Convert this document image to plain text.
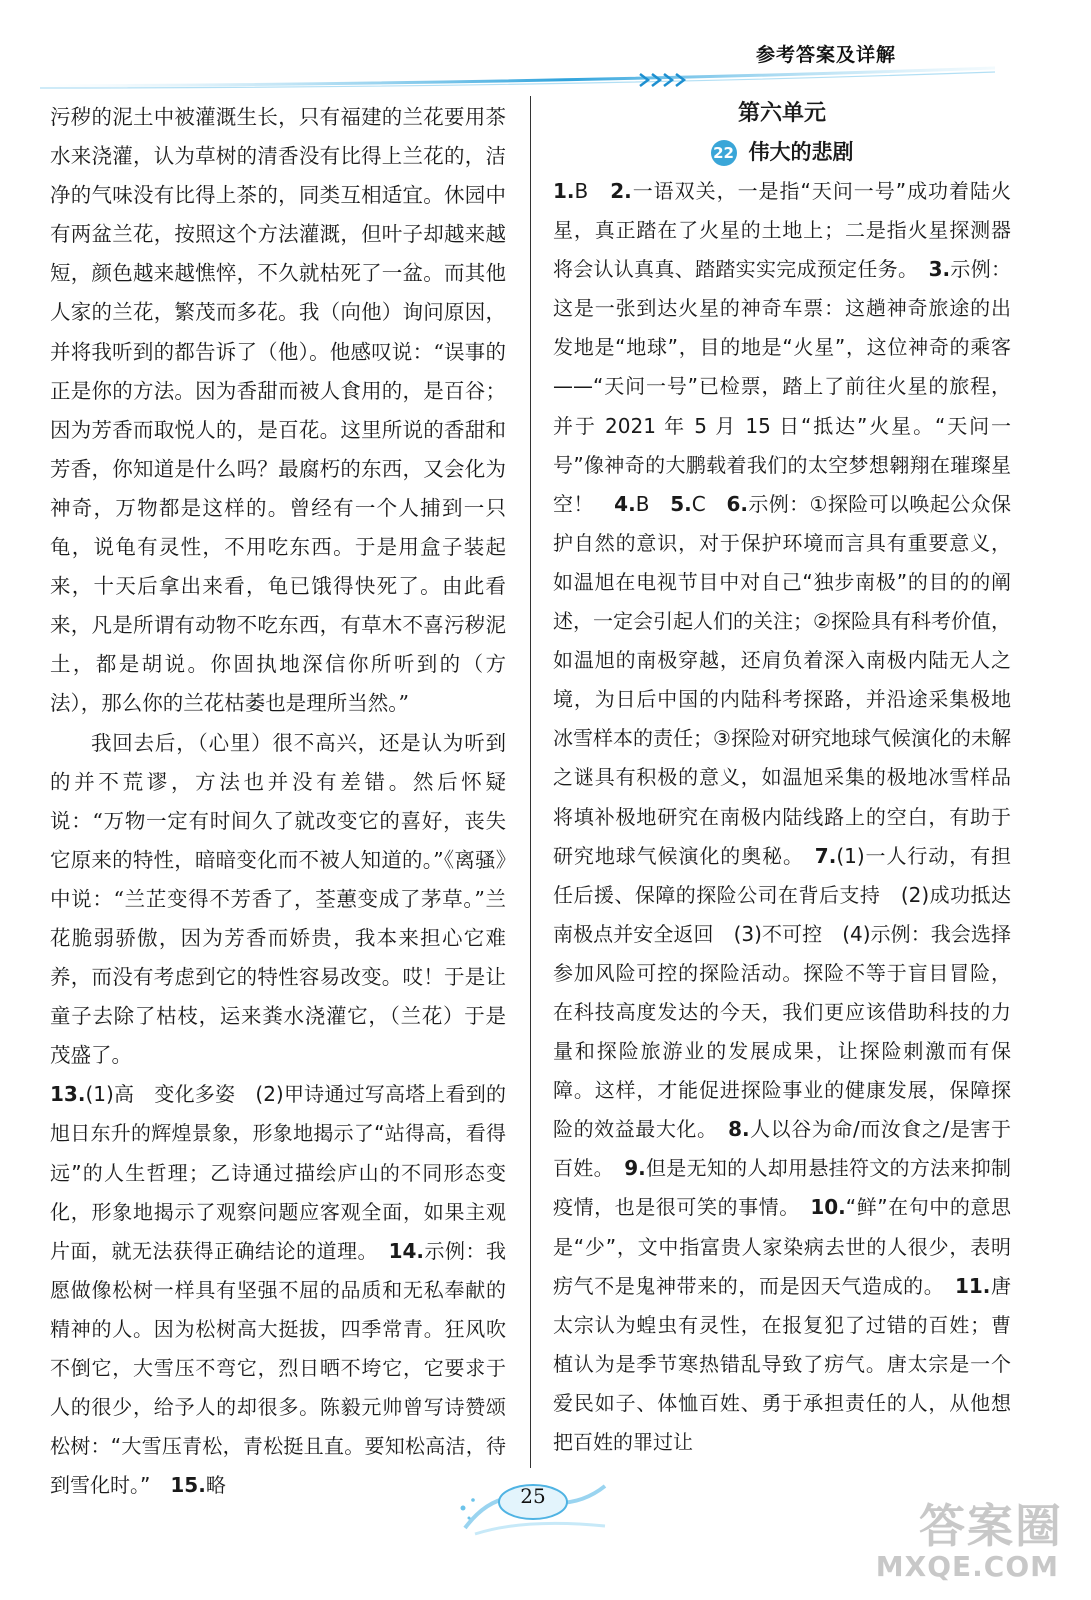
参考答案及详解

污秽的泥土中被灌溉生长，只有福建的兰花要用茶水来浇灌，认为草树的清香没有比得上兰花的，洁净的气味没有比得上茶的，同类互相适宜。休园中有两盆兰花，按照这个方法灌溉，但叶子却越来越短，颜色越来越憔悴，不久就枯死了一盆。而其他人家的兰花，繁茂而多花。我（向他）询问原因，并将我听到的都告诉了（他）。他感叹说：“误事的正是你的方法。因为香甜而被人食用的，是百谷；因为芳香而取悦人的，是百花。这里所说的香甜和芳香，你知道是什么吗？最腐朽的东西，又会化为神奇，万物都是这样的。曾经有一个人捕到一只龟，说龟有灵性，不用吃东西。于是用盒子装起来，十天后拿出来看，龟已饿得快死了。由此看来，凡是所谓有动物不吃东西，有草木不喜污秽泥土，都是胡说。你固执地深信你所听到的（方法），那么你的兰花枯萎也是理所当然。”

我回去后，（心里）很不高兴，还是认为听到的并不荒谬，方法也并没有差错。然后怀疑说：“万物一定有时间久了就改变它的喜好，丧失它原来的特性，暗暗变化而不被人知道的。”《离骚》中说：“兰芷变得不芳香了，荃蕙变成了茅草。”兰花脆弱骄傲，因为芳香而娇贵，我本来担心它难养，而没有考虑到它的特性容易改变。哎！于是让童子去除了枯枝，运来粪水浇灌它，（兰花）于是茂盛了。

13.(1)高　变化多姿　(2)甲诗通过写高塔上看到的旭日东升的辉煌景象，形象地揭示了“站得高，看得远”的人生哲理；乙诗通过描绘庐山的不同形态变化，形象地揭示了观察问题应客观全面，如果主观片面，就无法获得正确结论的道理。　 14.示例：我愿做像松树一样具有坚强不屈的品质和无私奉献的精神的人。因为松树高大挺拔，四季常青。狂风吹不倒它，大雪压不弯它，烈日晒不垮它，它要求于人的很少，给予人的却很多。陈毅元帅曾写诗赞颂松树：“大雪压青松，青松挺且直。要知松高洁，待到雪化时。”　 15.略

第六单元
22 伟大的悲剧

1.B　2.一语双关，一是指“天问一号”成功着陆火星，真正踏在了火星的土地上；二是指火星探测器将会认认真真、踏踏实实完成预定任务。　3.示例：这是一张到达火星的神奇车票：这趟神奇旅途的出发地是“地球”，目的地是“火星”，这位神奇的乘客——“天问一号”已检票，踏上了前往火星的旅程，并于 2021 年 5 月 15 日“抵达”火星。“天问一号”像神奇的大鹏载着我们的太空梦想翱翔在璀璨星空！　4.B　5.C　6.示例：①探险可以唤起公众保护自然的意识，对于保护环境而言具有重要意义，如温旭在电视节目中对自己“独步南极”的目的的阐述，一定会引起人们的关注；②探险具有科考价值，如温旭的南极穿越，还肩负着深入南极内陆无人之境，为日后中国的内陆科考探路，并沿途采集极地冰雪样本的责任；③探险对研究地球气候演化的未解之谜具有积极的意义，如温旭采集的极地冰雪样品将填补极地研究在南极内陆线路上的空白，有助于研究地球气候演化的奥秘。　7.(1)一人行动，有担任后援、保障的探险公司在背后支持　(2)成功抵达南极点并安全返回　(3)不可控　(4)示例：我会选择参加风险可控的探险活动。探险不等于盲目冒险，在科技高度发达的今天，我们更应该借助科技的力量和探险旅游业的发展成果，让探险刺激而有保障。这样，才能促进探险事业的健康发展，保障探险的效益最大化。　8.人以谷为命/而汝食之/是害于百姓。　9.但是无知的人却用悬挂符文的方法来抑制疫情，也是很可笑的事情。　10.“鲜”在句中的意思是“少”，文中指富贵人家染病去世的人很少，表明疠气不是鬼神带来的，而是因天气造成的。　11.唐太宗认为蝗虫有灵性，在报复犯了过错的百姓；曹植认为是季节寒热错乱导致了疠气。唐太宗是一个爱民如子、体恤百姓、勇于承担责任的人，从他想把百姓的罪过让

25
答案圈
MXQE.COM
